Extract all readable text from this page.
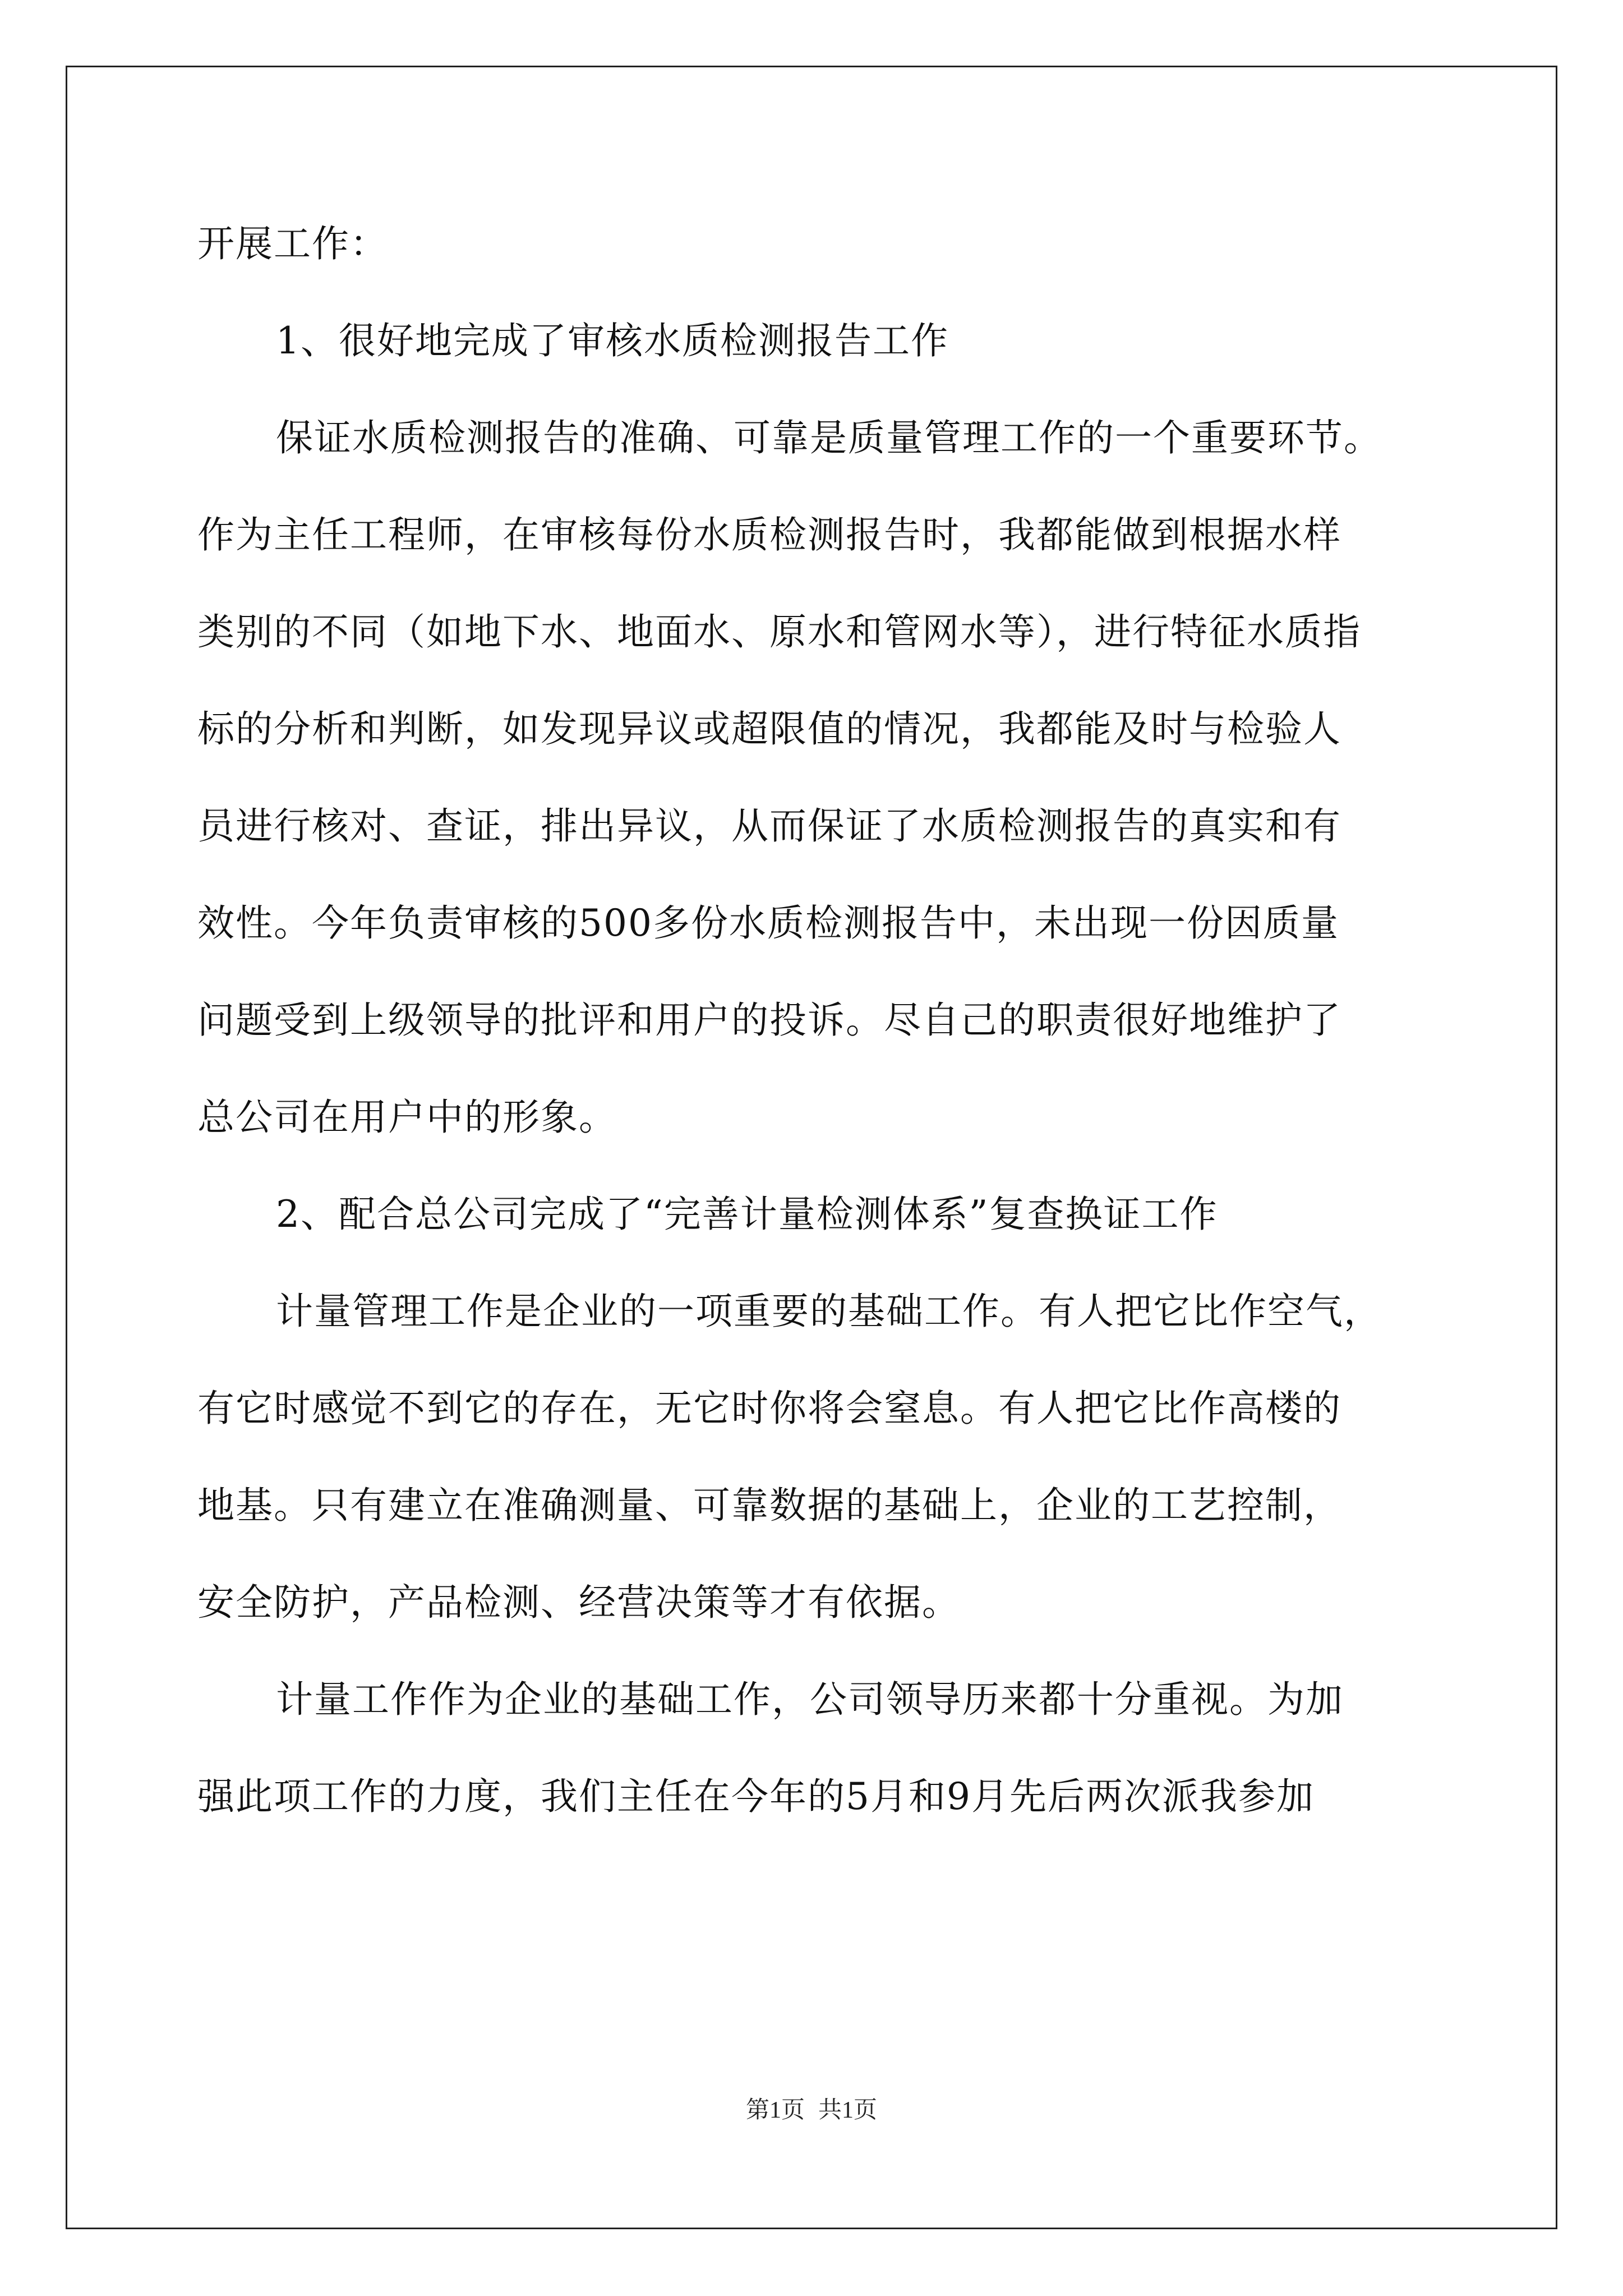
开展工作：
1、很好地完成了审核水质检测报告工作
保证水质检测报告的准确、可靠是质量管理工作的一个重要环节。
作为主任工程师，在审核每份水质检测报告时，我都能做到根据水样
类别的不同（如地下水、地面水、原水和管网水等），进行特征水质指
标的分析和判断，如发现异议或超限值的情况，我都能及时与检验人
员进行核对、查证，排出异议，从而保证了水质检测报告的真实和有
效性。今年负责审核的500多份水质检测报告中，未出现一份因质量
问题受到上级领导的批评和用户的投诉。尽自己的职责很好地维护了
总公司在用户中的形象。
2、配合总公司完成了“完善计量检测体系”复查换证工作
计量管理工作是企业的一项重要的基础工作。有人把它比作空气，
有它时感觉不到它的存在，无它时你将会窒息。有人把它比作高楼的
地基。只有建立在准确测量、可靠数据的基础上，企业的工艺控制，
安全防护，产品检测、经营决策等才有依据。
计量工作作为企业的基础工作，公司领导历来都十分重视。为加
强此项工作的力度，我们主任在今年的5月和9月先后两次派我参加
第1页 共1页
